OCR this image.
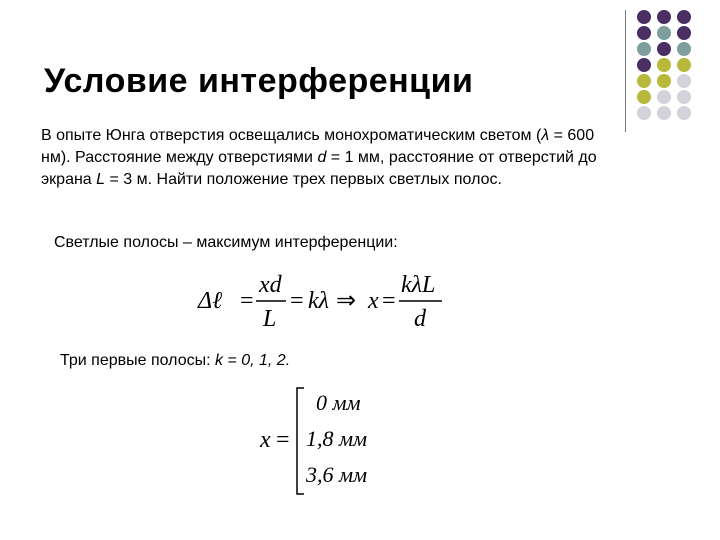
Условие интерференции

В опыте Юнга отверстия освещались монохроматическим светом (λ = 600 нм). Расстояние между отверстиями d = 1 мм, расстояние от отверстий до экрана L = 3 м. Найти положение трех первых светлых полос.

Светлые полосы – максимум интерференции:

Δℓ =
xd
L
= kλ ⇒ x =
kλL
d

Три первые полосы: k = 0, 1, 2.

x =
0 мм
1,8 мм
3,6 мм
